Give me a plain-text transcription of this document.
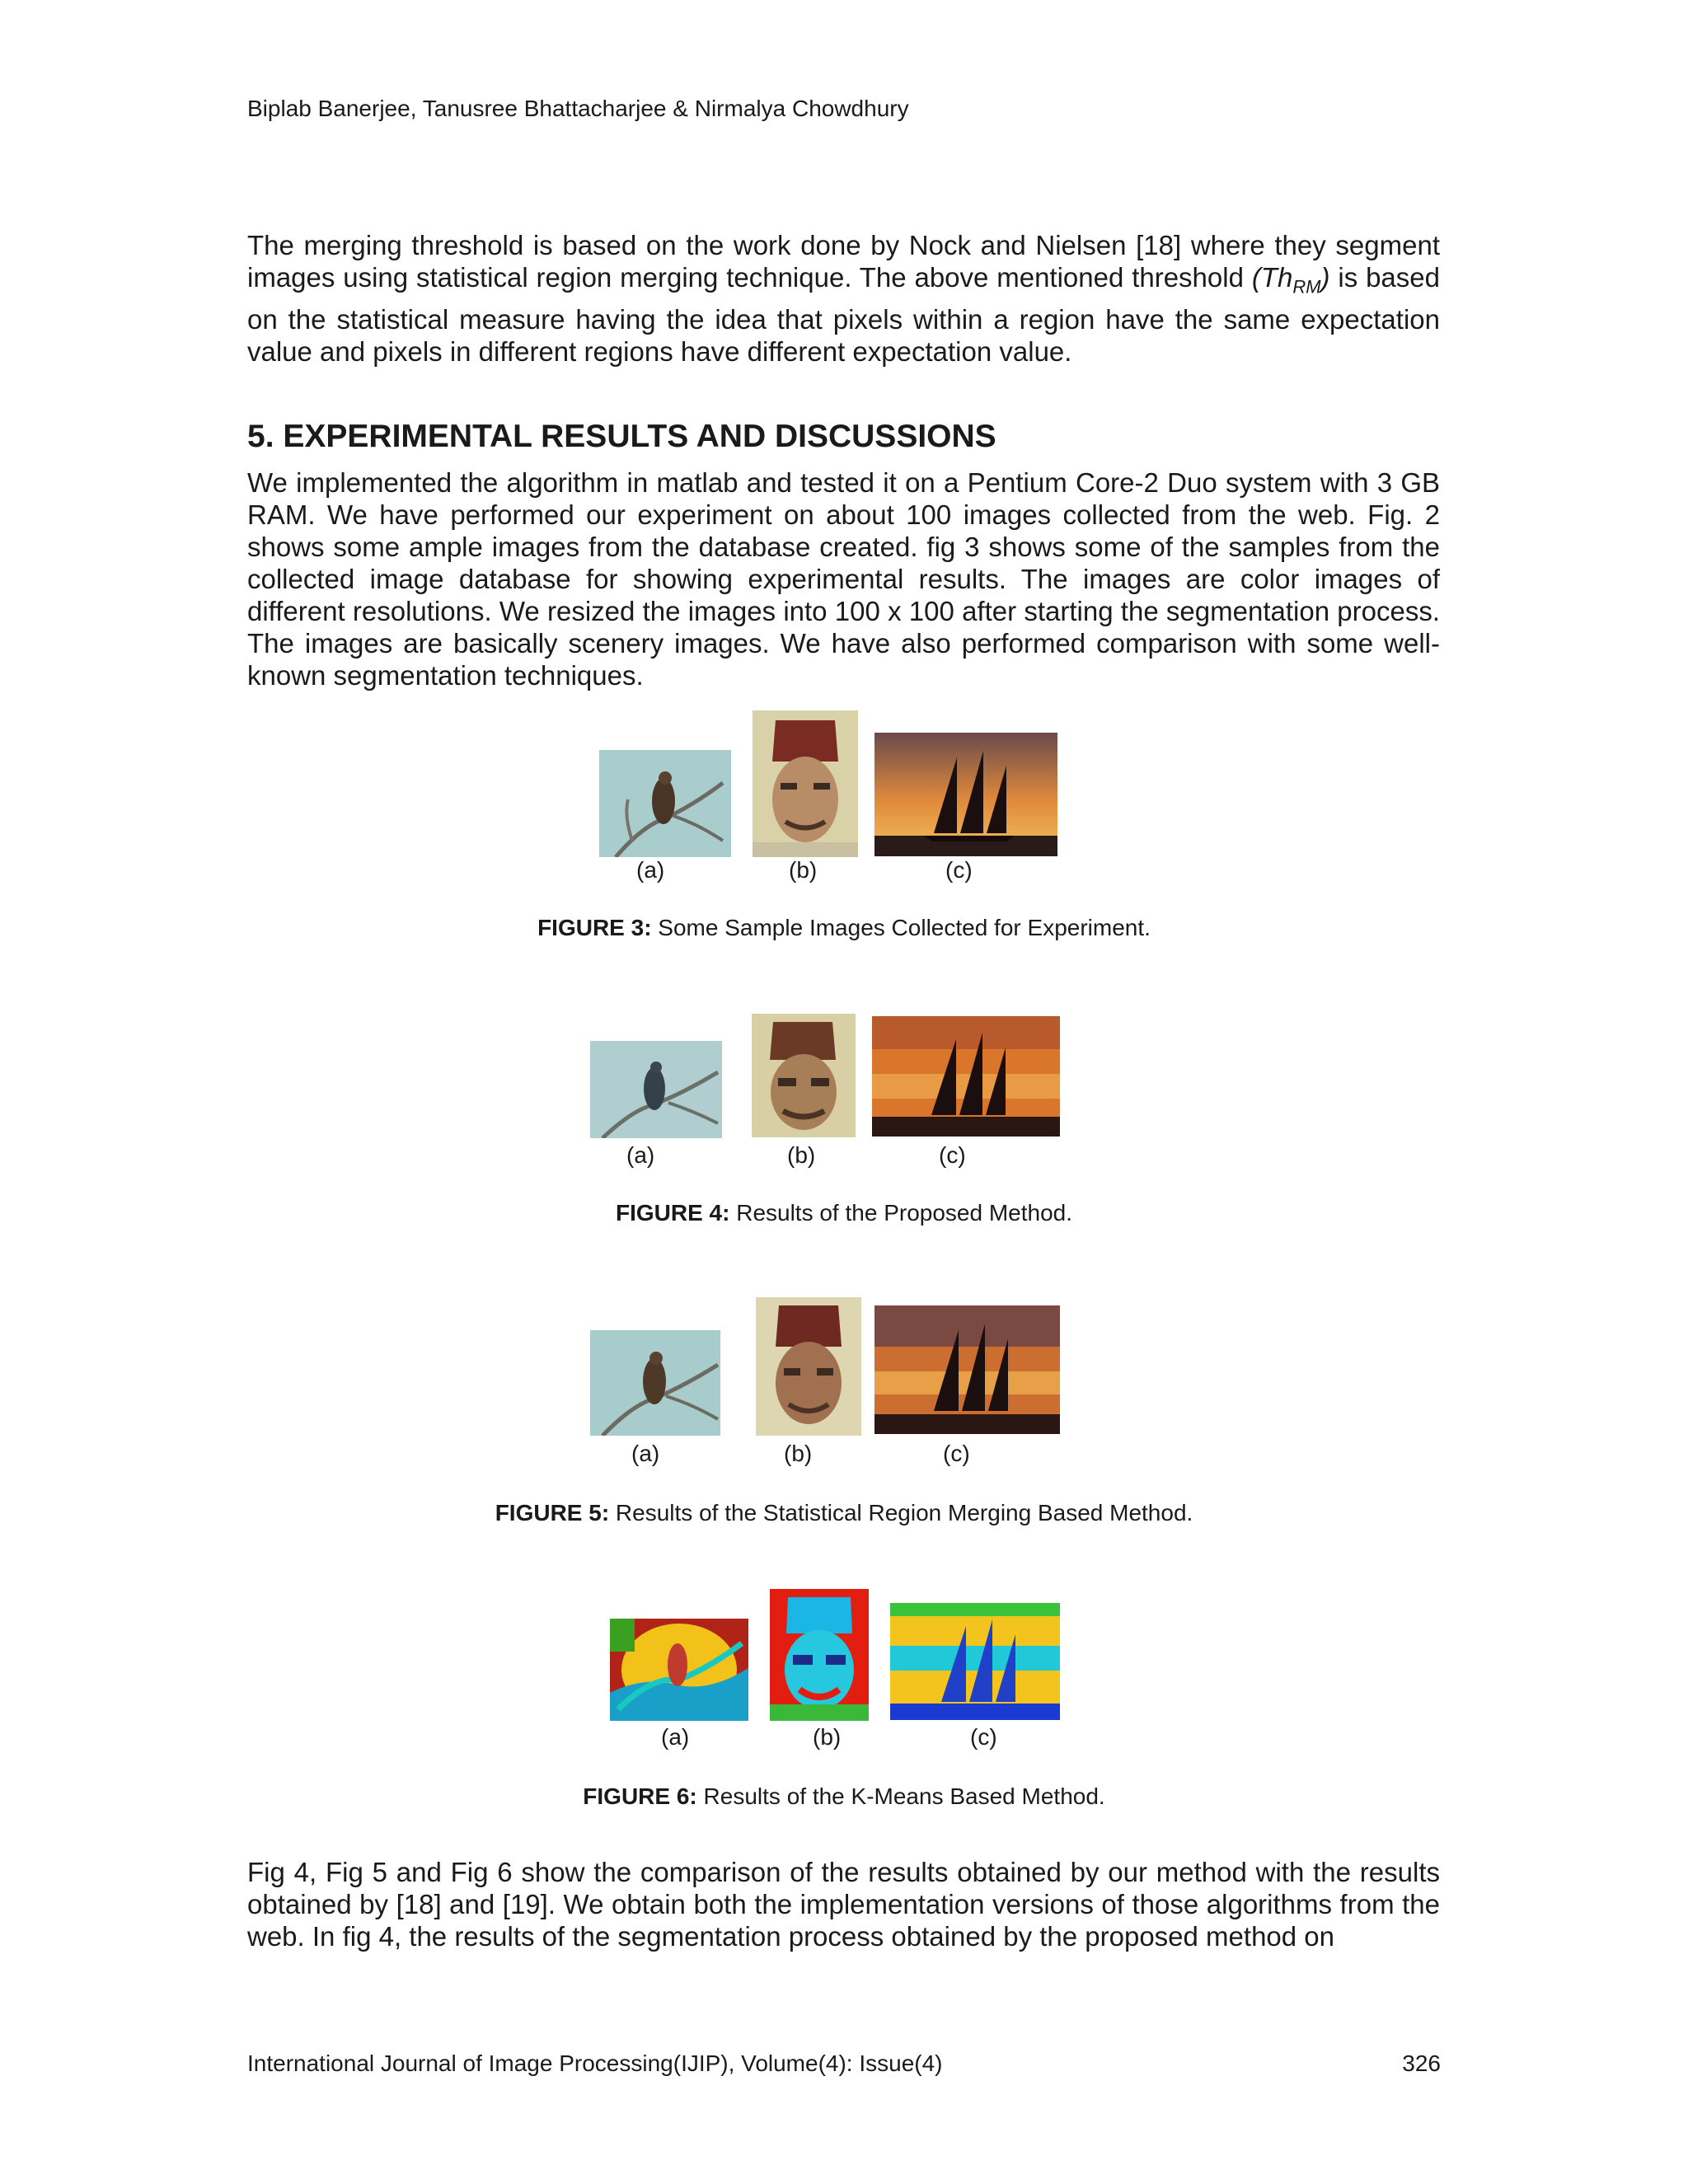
Biplab Banerjee, Tanusree Bhattacharjee & Nirmalya Chowdhury

The merging threshold is based on the work done by Nock and Nielsen [18] where they segment images using statistical region merging technique. The above mentioned threshold $(Th_{RM})$ is based on the statistical measure having the idea that pixels within a region have the same expectation value and pixels in different regions have different expectation value.

5. EXPERIMENTAL RESULTS AND DISCUSSIONS

We implemented the algorithm in matlab and tested it on a Pentium Core-2 Duo system with 3 GB RAM. We have performed our experiment on about 100 images collected from the web. Fig. 2 shows some ample images from the database created. fig 3 shows some of the samples from the collected image database for showing experimental results. The images are color images of different resolutions. We resized the images into 100 x 100 after starting the segmentation process. The images are basically scenery images. We have also performed comparison with some well-known segmentation techniques.

(a)	(b)	(c)
FIGURE 3: Some Sample Images Collected for Experiment.
(a)	(b)	(c)
FIGURE 4: Results of the Proposed Method.
(a)	(b)	(c)
FIGURE 5: Results of the Statistical Region Merging Based Method.
(a)	(b)	(c)
FIGURE 6: Results of the K-Means Based Method.

Fig 4, Fig 5 and Fig 6 show the comparison of the results obtained by our method with the results obtained by [18] and [19]. We obtain both the implementation versions of those algorithms from the web. In fig 4, the results of the segmentation process obtained by the proposed method on

International Journal of Image Processing(IJIP), Volume(4): Issue(4)	326
